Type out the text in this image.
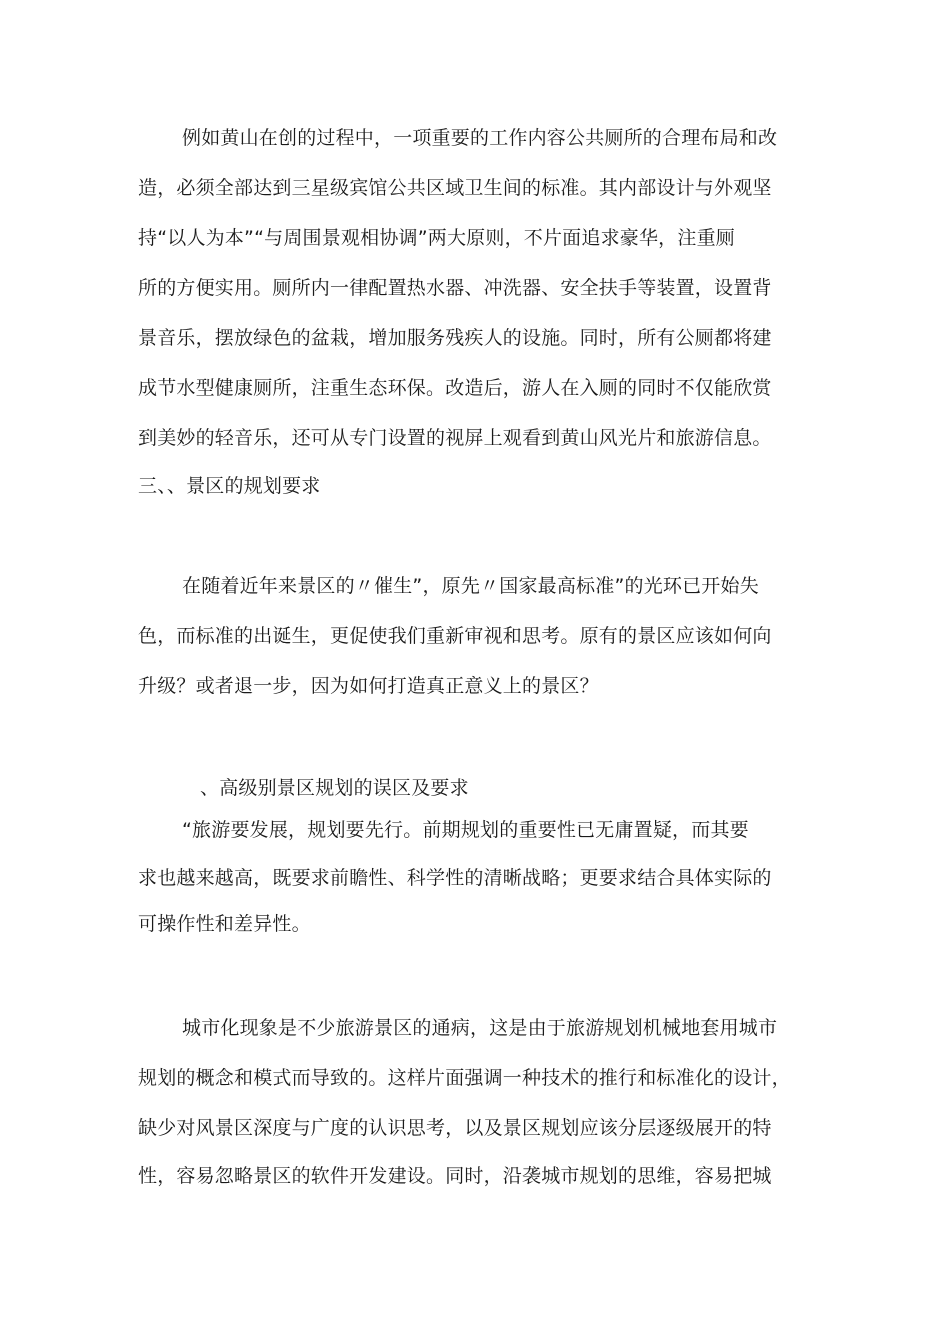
例如黄山在创的过程中，一项重要的工作内容公共厕所的合理布局和改
造，必须全部达到三星级宾馆公共区域卫生间的标准。其内部设计与外观坚
持“以人为本”“与周围景观相协调”两大原则，不片面追求豪华，注重厕
所的方便实用。厕所内一律配置热水器、冲洗器、安全扶手等装置，设置背
景音乐，摆放绿色的盆栽，增加服务残疾人的设施。同时，所有公厕都将建
成节水型健康厕所，注重生态环保。改造后，游人在入厕的同时不仅能欣赏
到美妙的轻音乐，还可从专门设置的视屏上观看到黄山风光片和旅游信息。
三、、景区的规划要求
在随着近年来景区的〃催生”，原先〃国家最高标准”的光环已开始失
色，而标准的出诞生，更促使我们重新审视和思考。原有的景区应该如何向
升级？或者退一步，因为如何打造真正意义上的景区？
、高级别景区规划的误区及要求
“旅游要发展，规划要先行。前期规划的重要性已无庸置疑，而其要
求也越来越高，既要求前瞻性、科学性的清晰战略；更要求结合具体实际的
可操作性和差异性。
城市化现象是不少旅游景区的通病，这是由于旅游规划机械地套用城市
规划的概念和模式而导致的。这样片面强调一种技术的推行和标准化的设计，
缺少对风景区深度与广度的认识思考，以及景区规划应该分层逐级展开的特
性，容易忽略景区的软件开发建设。同时，沿袭城市规划的思维，容易把城
